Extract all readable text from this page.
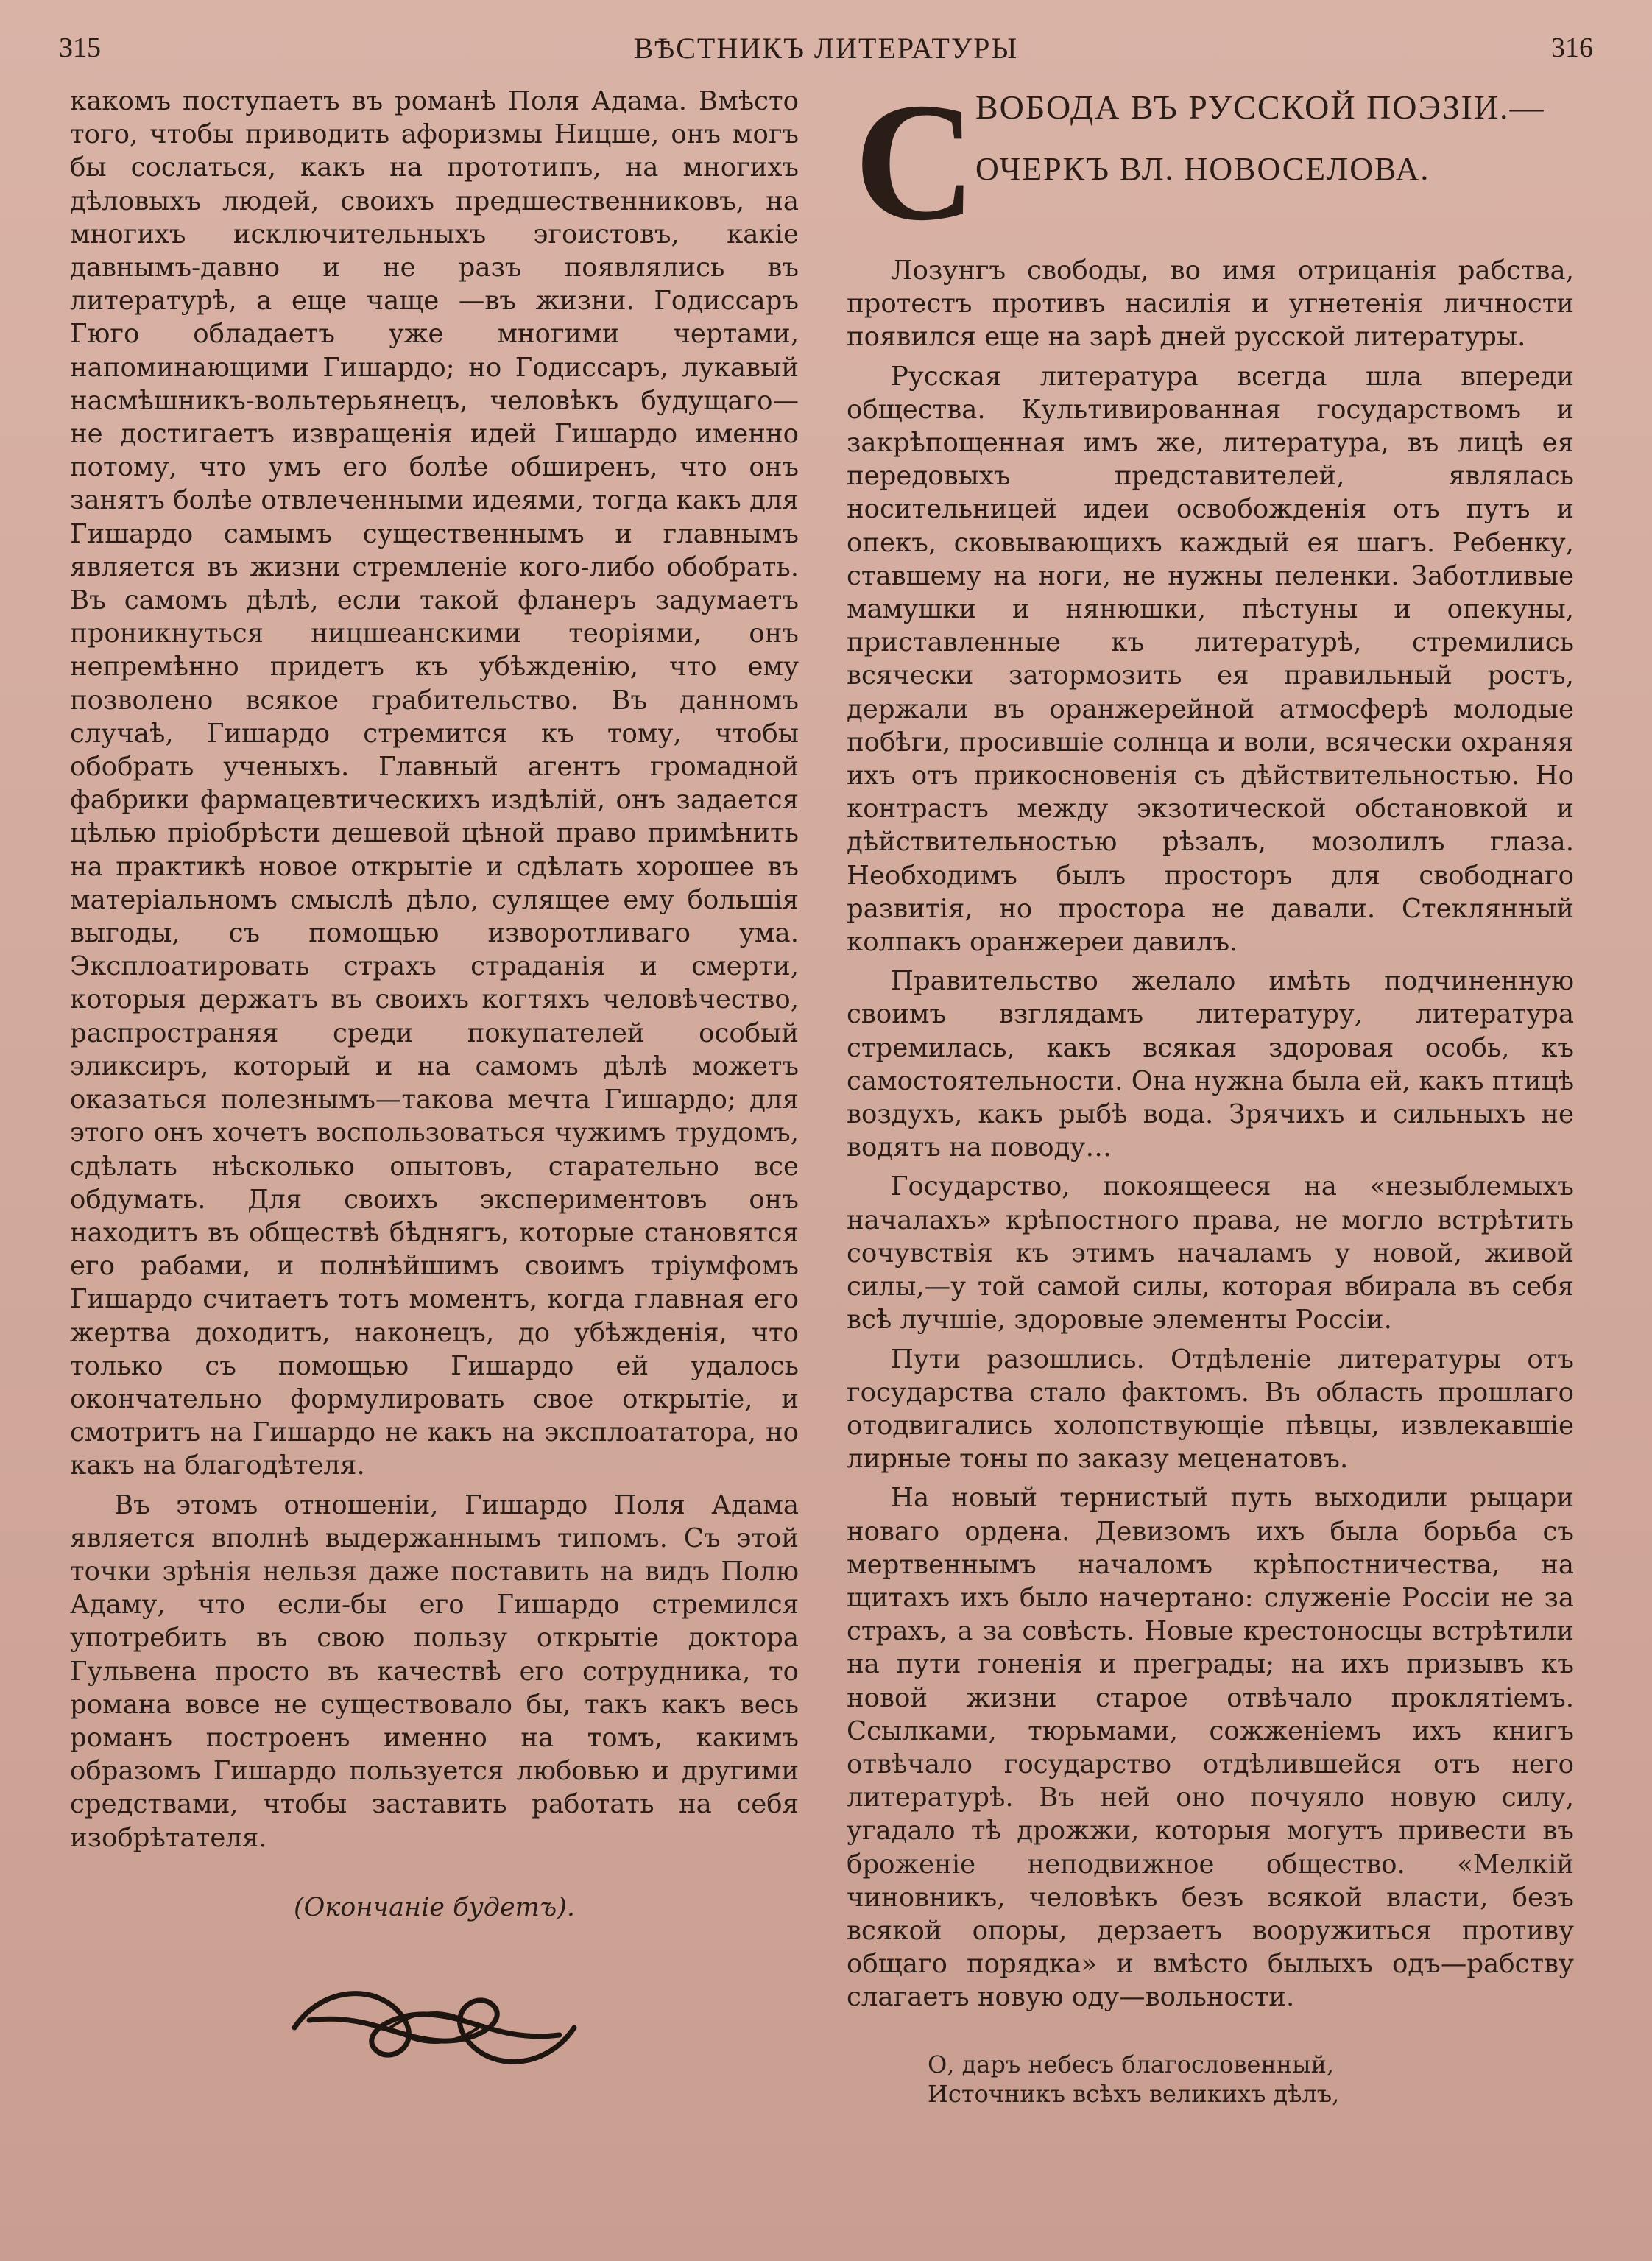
315	ВѢСТНИКЪ ЛИТЕРАТУРЫ	316

какомъ поступаетъ въ романѣ Поля Адама. Вмѣсто того, чтобы приводить афоризмы Ницше, онъ могъ бы сослаться, какъ на прототипъ, на многихъ дѣловыхъ людей, своихъ предшественниковъ, на многихъ исключительныхъ эгоистовъ, какіе давнымъ-давно и не разъ появлялись въ литературѣ, а еще чаще —въ жизни. Годиссаръ Гюго обладаетъ уже многими чертами, напоминающими Гишардо; но Годиссаръ, лукавый насмѣшникъ-вольтерьянецъ, человѣкъ будущаго—не достигаетъ извращенія идей Гишардо именно потому, что умъ его болѣе обширенъ, что онъ занятъ болѣе отвлеченными идеями, тогда какъ для Гишардо самымъ существеннымъ и главнымъ является въ жизни стремленіе кого-либо обобрать. Въ самомъ дѣлѣ, если такой фланеръ задумаетъ проникнуться ницшеанскими теоріями, онъ непремѣнно придетъ къ убѣжденію, что ему позволено всякое грабительство. Въ данномъ случаѣ, Гишардо стремится къ тому, чтобы обобрать ученыхъ. Главный агентъ громадной фабрики фармацевтическихъ издѣлій, онъ задается цѣлью пріобрѣсти дешевой цѣной право примѣнить на практикѣ новое открытіе и сдѣлать хорошее въ матеріальномъ смыслѣ дѣло, сулящее ему большія выгоды, съ помощью изворотливаго ума. Эксплоатировать страхъ страданія и смерти, которыя держатъ въ своихъ когтяхъ человѣчество, распространяя среди покупателей особый эликсиръ, который и на самомъ дѣлѣ можетъ оказаться полезнымъ—такова мечта Гишардо; для этого онъ хочетъ воспользоваться чужимъ трудомъ, сдѣлать нѣсколько опытовъ, старательно все обдумать. Для своихъ экспериментовъ онъ находитъ въ обществѣ бѣднягъ, которые становятся его рабами, и полнѣйшимъ своимъ тріумфомъ Гишардо считаетъ тотъ моментъ, когда главная его жертва доходитъ, наконецъ, до убѣжденія, что только съ помощью Гишардо ей удалось окончательно формулировать свое открытіе, и смотритъ на Гишардо не какъ на эксплоататора, но какъ на благодѣтеля.

Въ этомъ отношеніи, Гишардо Поля Адама является вполнѣ выдержаннымъ типомъ. Съ этой точки зрѣнія нельзя даже поставить на видъ Полю Адаму, что если-бы его Гишардо стремился употребить въ свою пользу открытіе доктора Гульвена просто въ качествѣ его сотрудника, то романа вовсе не существовало бы, такъ какъ весь романъ построенъ именно на томъ, какимъ образомъ Гишардо пользуется любовью и другими средствами, чтобы заставить работать на себя изобрѣтателя.

(Окончаніе будетъ).
С
ВОБОДА ВЪ РУССКОЙ ПОЭЗІИ.—
ОЧЕРКЪ ВЛ. НОВОСЕЛОВА.

Лозунгъ свободы, во имя отрицанія рабства, протестъ противъ насилія и угнетенія личности появился еще на зарѣ дней русской литературы.

Русская литература всегда шла впереди общества. Культивированная государствомъ и закрѣпощенная имъ же, литература, въ лицѣ ея передовыхъ представителей, являлась носительницей идеи освобожденія отъ путъ и опекъ, сковывающихъ каждый ея шагъ. Ребенку, ставшему на ноги, не нужны пеленки. Заботливые мамушки и нянюшки, пѣстуны и опекуны, приставленные къ литературѣ, стремились всячески затормозить ея правильный ростъ, держали въ оранжерейной атмосферѣ молодые побѣги, просившіе солнца и воли, всячески охраняя ихъ отъ прикосновенія съ дѣйствительностью. Но контрастъ между экзотической обстановкой и дѣйствительностью рѣзалъ, мозолилъ глаза. Необходимъ былъ просторъ для свободнаго развитія, но простора не давали. Стеклянный колпакъ оранжереи давилъ.

Правительство желало имѣть подчиненную своимъ взглядамъ литературу, литература стремилась, какъ всякая здоровая особь, къ самостоятельности. Она нужна была ей, какъ птицѣ воздухъ, какъ рыбѣ вода. Зрячихъ и сильныхъ не водятъ на поводу…

Государство, покоящееся на «незыблемыхъ началахъ» крѣпостного права, не могло встрѣтить сочувствія къ этимъ началамъ у новой, живой силы,—у той самой силы, которая вбирала въ себя всѣ лучшіе, здоровые элементы Россіи.

Пути разошлись. Отдѣленіе литературы отъ государства стало фактомъ. Въ область прошлаго отодвигались холопствующіе пѣвцы, извлекавшіе лирные тоны по заказу меценатовъ.

На новый тернистый путь выходили рыцари новаго ордена. Девизомъ ихъ была борьба съ мертвеннымъ началомъ крѣпостничества, на щитахъ ихъ было начертано: служеніе Россіи не за страхъ, а за совѣсть. Новые крестоносцы встрѣтили на пути гоненія и преграды; на ихъ призывъ къ новой жизни старое отвѣчало проклятіемъ. Ссылками, тюрьмами, сожженіемъ ихъ книгъ отвѣчало государство отдѣлившейся отъ него литературѣ. Въ ней оно почуяло новую силу, угадало тѣ дрожжи, которыя могутъ привести въ броженіе неподвижное общество. «Мелкій чиновникъ, человѣкъ безъ всякой власти, безъ всякой опоры, дерзаетъ вооружиться противу общаго порядка» и вмѣсто былыхъ одъ—рабству слагаетъ новую оду—вольности.

О, даръ небесъ благословенный,
Источникъ всѣхъ великихъ дѣлъ,
